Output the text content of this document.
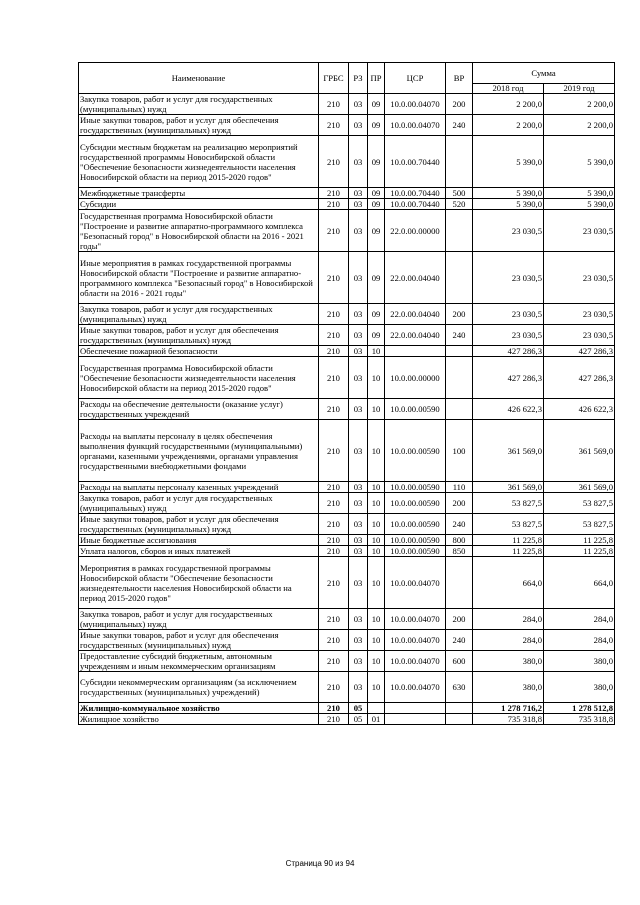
Наименование	ГРБС	РЗ	ПР	ЦСР	ВР	Сумма	
						2018 год	2019 год
Закупка товаров, работ и услуг для государственных (муниципальных) нужд	210	03	09	10.0.00.04070	200	2 200,0	2 200,0
Иные закупки товаров, работ и услуг для обеспечения государственных (муниципальных) нужд	210	03	09	10.0.00.04070	240	2 200,0	2 200,0
Субсидии местным бюджетам на реализацию мероприятий государственной программы Новосибирской области "Обеспечение безопасности жизнедеятельности населения Новосибирской области на период 2015-2020 годов"	210	03	09	10.0.00.70440		5 390,0	5 390,0
Межбюджетные трансферты	210	03	09	10.0.00.70440	500	5 390,0	5 390,0
Субсидии	210	03	09	10.0.00.70440	520	5 390,0	5 390,0
Государственная программа Новосибирской области "Построение и развитие аппаратно-программного комплекса "Безопасный город" в Новосибирской области на 2016 - 2021 годы"	210	03	09	22.0.00.00000		23 030,5	23 030,5
Иные мероприятия в рамках государственной программы Новосибирской области "Построение и развитие аппаратно-программного комплекса "Безопасный город" в Новосибирской области на 2016 - 2021 годы"	210	03	09	22.0.00.04040		23 030,5	23 030,5
Закупка товаров, работ и услуг для государственных (муниципальных) нужд	210	03	09	22.0.00.04040	200	23 030,5	23 030,5
Иные закупки товаров, работ и услуг для обеспечения государственных (муниципальных) нужд	210	03	09	22.0.00.04040	240	23 030,5	23 030,5
Обеспечение пожарной безопасности	210	03	10			427 286,3	427 286,3
Государственная программа Новосибирской области "Обеспечение безопасности жизнедеятельности населения Новосибирской области на период 2015-2020 годов"	210	03	10	10.0.00.00000		427 286,3	427 286,3
Расходы на обеспечение деятельности (оказание услуг) государственных учреждений	210	03	10	10.0.00.00590		426 622,3	426 622,3
Расходы на выплаты персоналу в целях обеспечения выполнения функций государственными (муниципальными) органами, казенными учреждениями, органами управления государственными внебюджетными фондами	210	03	10	10.0.00.00590	100	361 569,0	361 569,0
Расходы на выплаты персоналу казенных учреждений	210	03	10	10.0.00.00590	110	361 569,0	361 569,0
Закупка товаров, работ и услуг для государственных (муниципальных) нужд	210	03	10	10.0.00.00590	200	53 827,5	53 827,5
Иные закупки товаров, работ и услуг для обеспечения государственных (муниципальных) нужд	210	03	10	10.0.00.00590	240	53 827,5	53 827,5
Иные бюджетные ассигнования	210	03	10	10.0.00.00590	800	11 225,8	11 225,8
Уплата налогов, сборов и иных платежей	210	03	10	10.0.00.00590	850	11 225,8	11 225,8
Мероприятия в рамках государственной программы Новосибирской области "Обеспечение безопасности жизнедеятельности населения Новосибирской области на период 2015-2020 годов"	210	03	10	10.0.00.04070		664,0	664,0
Закупка товаров, работ и услуг для государственных (муниципальных) нужд	210	03	10	10.0.00.04070	200	284,0	284,0
Иные закупки товаров, работ и услуг для обеспечения государственных (муниципальных) нужд	210	03	10	10.0.00.04070	240	284,0	284,0
Предоставление субсидий бюджетным, автономным учреждениям и иным некоммерческим организациям	210	03	10	10.0.00.04070	600	380,0	380,0
Субсидии некоммерческим организациям (за исключением государственных (муниципальных) учреждений)	210	03	10	10.0.00.04070	630	380,0	380,0
Жилищно-коммунальное хозяйство	210	05				1 278 716,2	1 278 512,8
Жилищное хозяйство	210	05	01			735 318,8	735 318,8
Страница 90 из 94
